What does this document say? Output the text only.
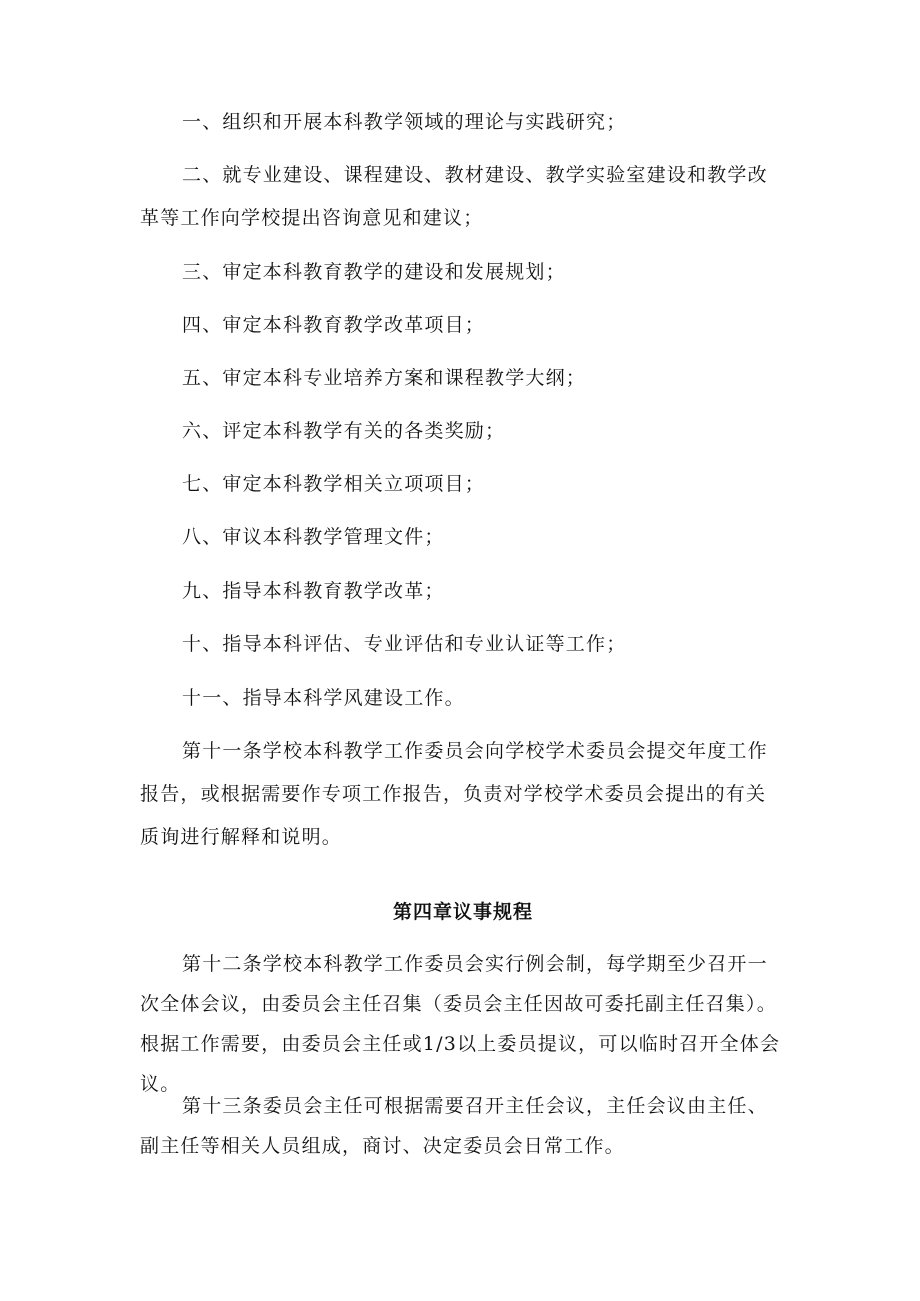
一、组织和开展本科教学领域的理论与实践研究；

二、就专业建设、课程建设、教材建设、教学实验室建设和教学改革等工作向学校提出咨询意见和建议；

三、审定本科教育教学的建设和发展规划；

四、审定本科教育教学改革项目；

五、审定本科专业培养方案和课程教学大纲；

六、评定本科教学有关的各类奖励；

七、审定本科教学相关立项项目；

八、审议本科教学管理文件；

九、指导本科教育教学改革；

十、指导本科评估、专业评估和专业认证等工作；

十一、指导本科学风建设工作。

第十一条学校本科教学工作委员会向学校学术委员会提交年度工作报告，或根据需要作专项工作报告，负责对学校学术委员会提出的有关质询进行解释和说明。

第四章议事规程

第十二条学校本科教学工作委员会实行例会制，每学期至少召开一次全体会议，由委员会主任召集（委员会主任因故可委托副主任召集）。根据工作需要，由委员会主任或1/3以上委员提议，可以临时召开全体会议。

第十三条委员会主任可根据需要召开主任会议，主任会议由主任、副主任等相关人员组成，商讨、决定委员会日常工作。
